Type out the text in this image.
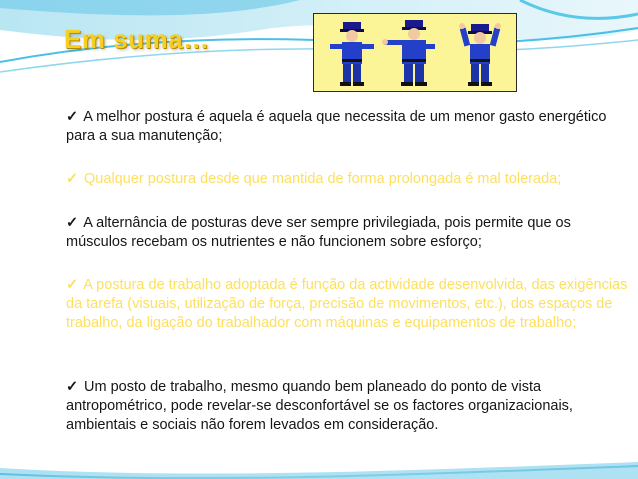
Em suma…
✓ A melhor postura é aquela é aquela que necessita de um menor gasto energético para a sua manutenção;
✓ Qualquer postura desde que mantida de forma prolongada é mal tolerada;
✓ A alternância de posturas deve ser sempre privilegiada, pois permite que os músculos recebam os nutrientes e não funcionem sobre esforço;
✓ A postura de trabalho adoptada é função da actividade desenvolvida, das exigências da tarefa (visuais, utilização de força, precisão de movimentos, etc.), dos espaços de trabalho, da ligação do trabalhador com máquinas e equipamentos de trabalho;
✓ Um posto de trabalho, mesmo quando bem planeado do ponto de vista antropométrico, pode revelar-se desconfortável se os factores organizacionais, ambientais e sociais não forem levados em consideração.
